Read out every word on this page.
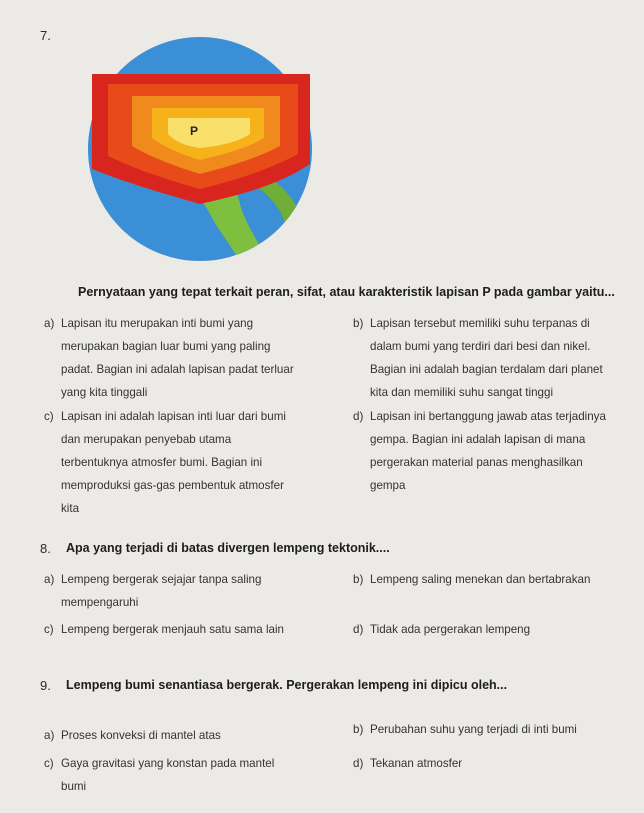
7.
P
Pernyataan yang tepat terkait peran, sifat, atau karakteristik lapisan P pada gambar yaitu...
a) Lapisan itu merupakan inti bumi yang
merupakan bagian luar bumi yang paling
padat. Bagian ini adalah lapisan padat terluar
yang kita tinggali
b) Lapisan tersebut memiliki suhu terpanas di
dalam bumi yang terdiri dari besi dan nikel.
Bagian ini adalah bagian terdalam dari planet
kita dan memiliki suhu sangat tinggi
c) Lapisan ini adalah lapisan inti luar dari bumi
dan merupakan penyebab utama
terbentuknya atmosfer bumi. Bagian ini
memproduksi gas-gas pembentuk atmosfer
kita
d) Lapisan ini bertanggung jawab atas terjadinya
gempa. Bagian ini adalah lapisan di mana
pergerakan material panas menghasilkan
gempa
8. Apa yang terjadi di batas divergen lempeng tektonik....
a) Lempeng bergerak sejajar tanpa saling
mempengaruhi
b) Lempeng saling menekan dan bertabrakan
c) Lempeng bergerak menjauh satu sama lain	d) Tidak ada pergerakan lempeng
9. Lempeng bumi senantiasa bergerak. Pergerakan lempeng ini dipicu oleh...
a) Proses konveksi di mantel atas	b) Perubahan suhu yang terjadi di inti bumi
c) Gaya gravitasi yang konstan pada mantel
bumi
d) Tekanan atmosfer
